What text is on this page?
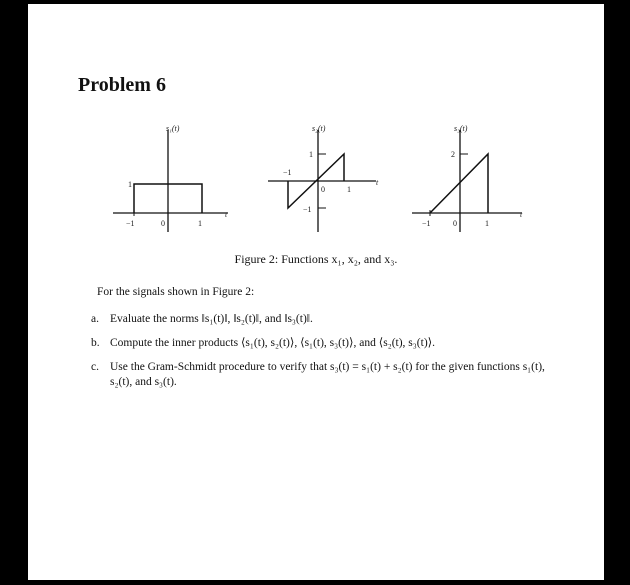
Problem 6
s₁(t)
−1	0	1
1
t
s₂(t)
−1
0	1
1
−1
t
s₃(t)
−1	0	1
2
t
Figure 2: Functions x₁, x₂, and x₃.
For the signals shown in Figure 2:
a. Evaluate the norms ‖s₁(t)‖, ‖s₂(t)‖, and ‖s₃(t)‖.
b. Compute the inner products ⟨s₁(t), s₂(t)⟩, ⟨s₁(t), s₃(t)⟩, and ⟨s₂(t), s₃(t)⟩.
c. Use the Gram-Schmidt procedure to verify that s₃(t) = s₁(t) + s₂(t) for the given functions s₁(t), s₂(t), and s₃(t).
